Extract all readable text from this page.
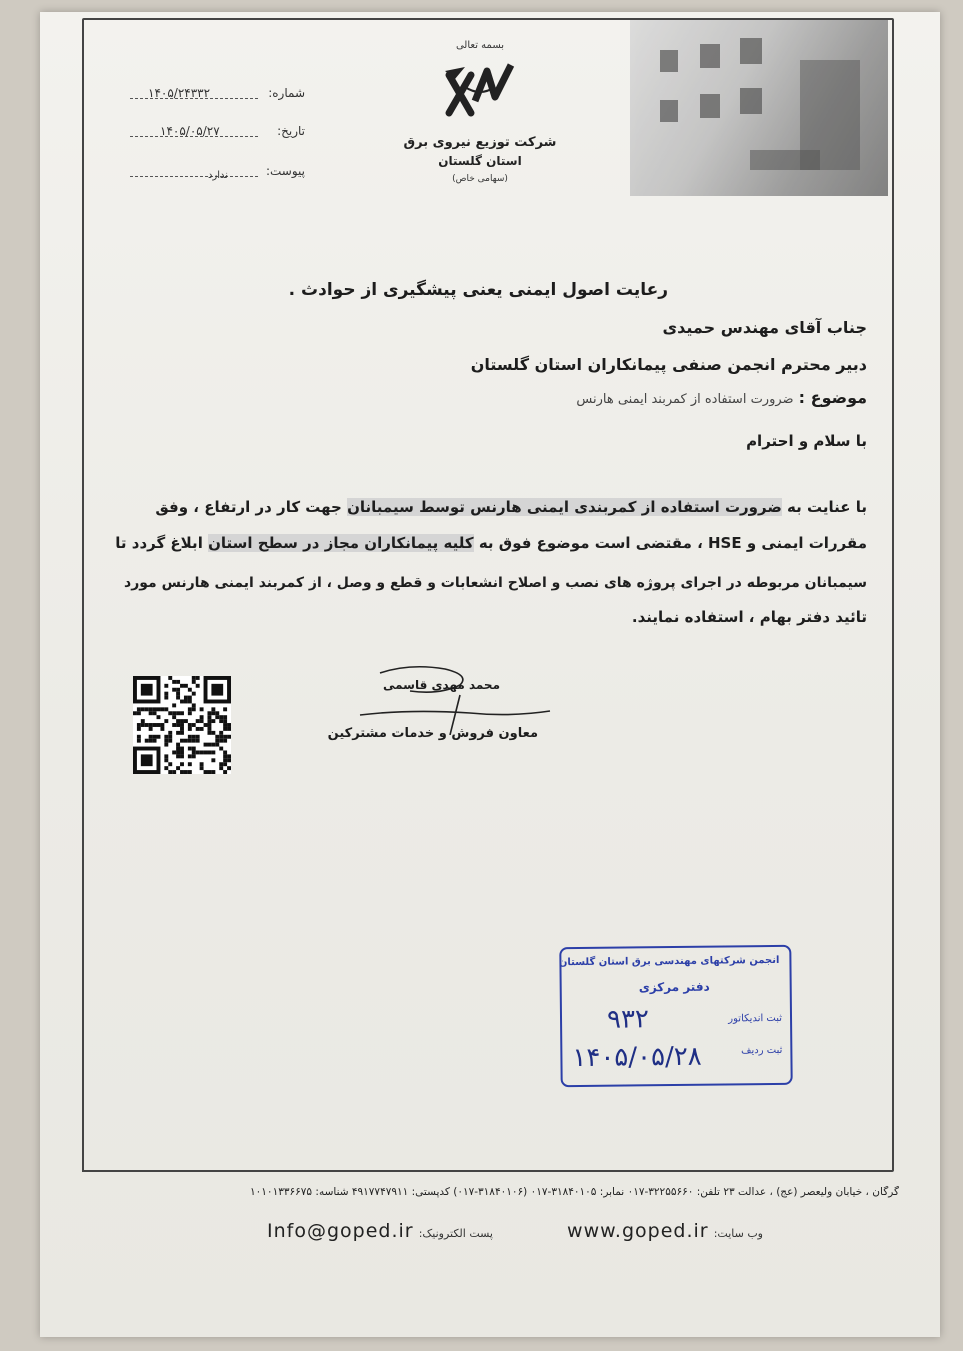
شماره:
۱۴۰۵/۲۴۳۳۲
تاریخ:
۱۴۰۵/۰۵/۲۷
پیوست:
ندارد
بسمه تعالی
شرکت توزیع نیروی برق
استان گلستان
(سهامی خاص)
رعایت اصول ایمنی یعنی پیشگیری از حوادث .
جناب آقای مهندس حمیدی
دبیر محترم انجمن صنفی پیمانکاران استان گلستان
موضوع : ضرورت استفاده از کمربند ایمنی هارنس
با سلام و احترام
با عنایت به ضرورت استفاده از کمربندی ایمنی هارنس توسط سیمبانان جهت کار در ارتفاع ، وفق
مقررات ایمنی و HSE ، مقتضی است موضوع فوق به کلیه پیمانکاران مجاز در سطح استان ابلاغ گردد تا
سیمبانان مربوطه در اجرای پروژه های نصب و اصلاح انشعابات و قطع و وصل ، از کمربند ایمنی هارنس مورد
تائید دفتر بهام ، استفاده نمایند.
محمد مهدی قاسمی
معاون فروش و خدمات مشترکین
انجمن شرکتهای مهندسی برق استان گلستان
دفتر مرکزی
ثبت اندیکاتور
۹۳۲
ثبت ردیف
۱۴۰۵/۰۵/۲۸
گرگان ، خیابان ولیعصر (عج) ، عدالت ۲۳ تلفن: ۳۲۲۵۵۶۶۰-۰۱۷ نمابر: ۳۱۸۴۰۱۰۵-۰۱۷ (۳۱۸۴۰۱۰۶-۰۱۷) کدپستی: ۴۹۱۷۷۴۷۹۱۱ شناسه: ۱۰۱۰۱۳۳۶۶۷۵
وب سایت: www.goped.ir
پست الکترونیک: Info@goped.ir
